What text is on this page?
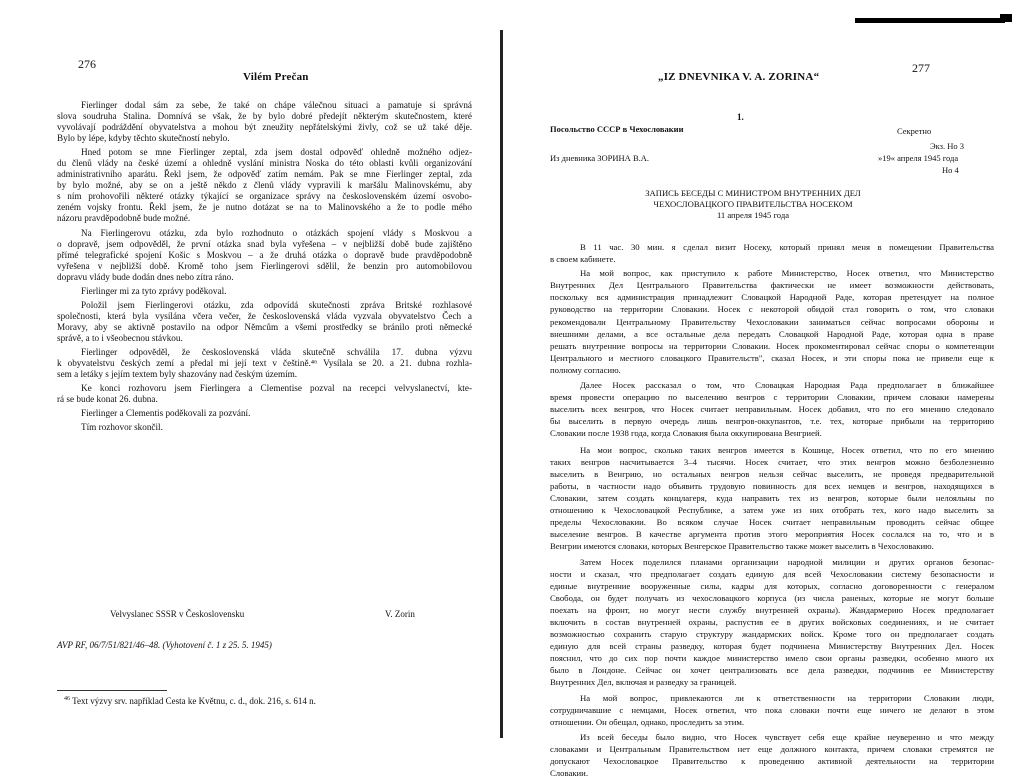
276
Vilém Prečan
Fierlinger dodal sám za sebe, že také on chápe válečnou situaci a pamatuje si správná
slova soudruha Stalina. Domnívá se však, že by bylo dobré předejít některým skutečnostem, které
vyvolávají podráždění obyvatelstva a mohou být zneužity nepřátelskými živly, což se už také děje.
Bylo by lépe, kdyby těchto skutečností nebylo.
Hned potom se mne Fierlinger zeptal, zda jsem dostal odpověď ohledně možného odjez-
du členů vlády na české území a ohledně vyslání ministra Noska do této oblasti kvůli organizování
administrativního aparátu. Řekl jsem, že odpověď zatím nemám. Pak se mne Fierlinger zeptal, zda
by bylo možné, aby se on a ještě někdo z členů vlády vypravili k maršálu Malinovskému, aby
s ním prohovořili některé otázky týkající se organizace správy na československém území osvobo-
zeném vojsky frontu. Řekl jsem, že je nutno dotázat se na to Malinovského a že to podle mého
názoru pravděpodobně bude možné.
Na Fierlingerovu otázku, zda bylo rozhodnuto o otázkách spojení vlády s Moskvou a
o dopravě, jsem odpověděl, že první otázka snad byla vyřešena – v nejbližší době bude zajištěno
přímé telegrafické spojení Košic s Moskvou – a že druhá otázka o dopravě bude pravděpodobně
vyřešena v nejbližší době. Kromě toho jsem Fierlingerovi sdělil, že benzin pro automobilovou
dopravu vlády bude dodán dnes nebo zítra ráno.
Fierlinger mi za tyto zprávy poděkoval.
Položil jsem Fierlingerovi otázku, zda odpovídá skutečnosti zpráva Britské rozhlasové
společnosti, která byla vysílána včera večer, že československá vláda vyzvala obyvatelstvo Čech a
Moravy, aby se aktivně postavilo na odpor Němcům a všemi prostředky se bránilo proti německé
správě, a to i všeobecnou stávkou.
Fierlinger odpověděl, že československá vláda skutečně schválila 17. dubna výzvu
k obyvatelstvu českých zemí a předal mi její text v češtině.⁴⁶ Vysílala se 20. a 21. dubna rozhla-
sem a letáky s jejím textem byly shazovány nad českým územím.
Ke konci rozhovoru jsem Fierlingera a Clementise pozval na recepci velvyslanectví, kte-
rá se bude konat 26. dubna.
Fierlinger a Clementis poděkovali za pozvání.
Tím rozhovor skončil.
Velvyslanec SSSR v Československu	V. Zorin
AVP RF, 06/7/51/821/46–48. (Vyhotovení č. 1 z 25. 5. 1945)
$^{46}$ Text výzvy srv. například Cesta ke Květnu, c. d., dok. 216, s. 614 n.
„IZ DNEVNIKA V. A. ZORINA“
277
1.
Посольство СССР в Чехословакии	Секретно
Экз. Но 3
Из дневника ЗОРИНА В.А.	»19« апреля 1945 года
Но 4
ЗАПИСЬ БЕСЕДЫ С МИНИСТРОМ ВНУТРЕННИХ ДЕЛ
ЧЕХОСЛОВАЦКОГО ПРАВИТЕЛЬСТВА НОСЕКОМ
11 апреля 1945 года
В 11 час. 30 мин. я сделал визит Носеку, который принял меня в помещении Правительства
в своем кабинете.
На мой вопрос, как приступило к работе Министерство, Носек ответил, что Министерство
Внутренних Дел Центрального Правительства фактически не имеет возможности действовать,
поскольку вся администрация принадлежит Словацкой Народной Раде, которая претендует на полное
руководство на территории Словакии. Носек с некоторой обидой стал говорить о том, что словаки
рекомендовали Центральному Правительству Чехословакии заниматься сейчас вопросами обороны и
внешними делами, а все остальные дела передать Словацкой Народной Раде, которая одна в праве
решать внутренние вопросы на территории Словакии. Носек прокоментировал сейчас споры о компетенции
Центрального и местного словацкого Правительств", сказал Носек, и эти споры пока не привели еще к
полному согласию.
Далее Носек рассказал о том, что Словацкая Народная Рада предполагает в ближайшее
время провести операцию по выселению венгров с территории Словакии, причем словаки намерены
выселить всех венгров, что Носек считает неправильным. Носек добавил, что по его мнению следовало
бы выселить в первую очередь лишь венгров-оккупантов, т.е. тех, которые прибыли на территорию
Словакии после 1938 года, когда Словакия была оккупирована Венгрией.
На мои вопрос, сколько таких венгров имеется в Кошице, Носек ответил, что по его мнению
таких венгров насчитывается 3–4 тысячи. Носек считает, что этих венгров можно безболезненно
выселить в Венгрию, но остальных венгров нельзя сейчас выселить, не проведя предварительной
работы, в частности надо объявить трудовую повинность для всех немцев и венгров, находящихся в
Словакии, затем создать концлагеря, куда направить тех из венгров, которые были нелояльны по
отношению к Чехословацкой Республике, а затем уже из них отобрать тех, кого надо выселить за
пределы Чехословакии. Во всяком случае Носек считает неправильным проводить сейчас общее
выселение венгров. В качестве аргумента против этого мероприятия Носек сослался на то, что и в
Венгрии имеются словаки, которых Венгерское Правительство также может выселить в Чехословакию.
Затем Носек поделился планами организации народной милиции и других органов безопас-
ности и сказал, что предполагает создать единую для всей Чехословакии систему безопасности и
единые внутренние вооруженные силы, кадры для которых, согласно договоренности с генералом
Свобода, он будет получать из чехословацкого корпуса (из числа раненых, которые не могут больше
поехать на фронт, но могут нести службу внутренней охраны). Жандармерию Носек предполагает
включить в состав внутренней охраны, распустив ее в других войсковых соединениях, и не считает
возможностью сохранить старую структуру жандармских войск. Кроме того он предполагает создать
единую для всей страны разведку, которая будет подчинена Министерству Внутренних Дел. Носек
пояснил, что до сих пор почти каждое министерство имело свои органы разведки, особенно много их
было в Лондоне. Сейчас он хочет централизовать все дела разведки, подчинив ее Министерству
Внутренних Дел, включая и разведку за границей.
На мой вопрос, привлекаются ли к ответственности на территории Словакии люди,
сотрудничавшие с немцами, Носек ответил, что пока словаки почти еще ничего не делают в этом
отношении. Он обещал, однако, проследить за этим.
Из всей беседы было видно, что Носек чувствует себя еще крайне неуверенно и что между
словаками и Центральным Правительством нет еще должного контакта, причем словаки стремятся не
допускают Чехословацкое Правительство к проведению активной деятельности на территории
Словакии.
